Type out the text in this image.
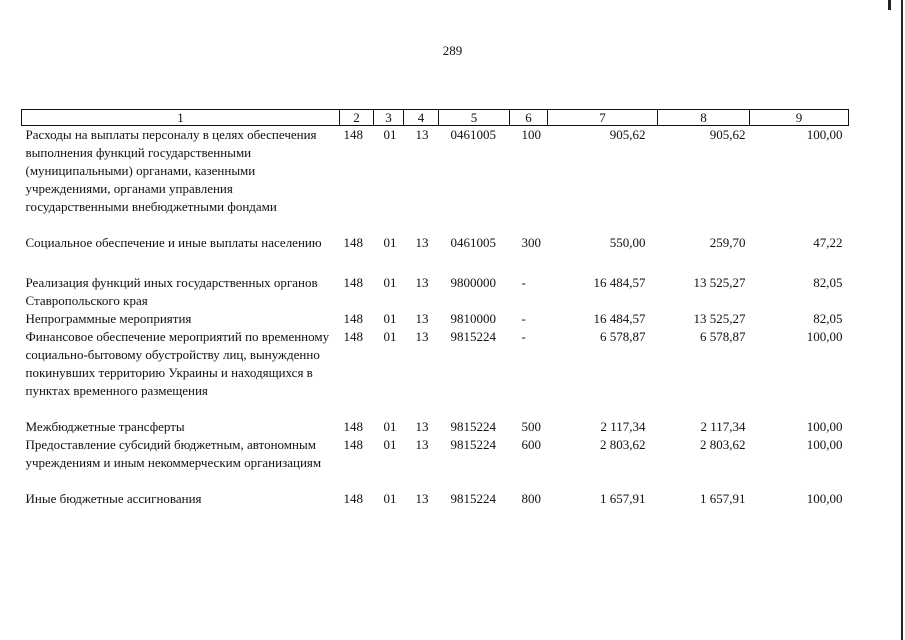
289
1	2	3	4	5	6	7	8	9
Расходы на выплаты персоналу в целях обеспечения выполнения функций государственными (муниципальными) органами, казенными учреждениями, органами управления государственными внебюджетными фондами	148	01	13	0461005	100	905,62	905,62	100,00
Социальное обеспечение и иные выплаты населению	148	01	13	0461005	300	550,00	259,70	47,22
Реализация функций иных государственных органов Ставропольского края	148	01	13	9800000	-	16 484,57	13 525,27	82,05
Непрограммные мероприятия	148	01	13	9810000	-	16 484,57	13 525,27	82,05
Финансовое обеспечение мероприятий по временному социально-бытовому обустройству лиц, вынужденно покинувших территорию Украины и находящихся в пунктах временного размещения	148	01	13	9815224	-	6 578,87	6 578,87	100,00
Межбюджетные трансферты	148	01	13	9815224	500	2 117,34	2 117,34	100,00
Предоставление субсидий бюджетным, автономным учреждениям и иным некоммерческим организациям	148	01	13	9815224	600	2 803,62	2 803,62	100,00
Иные бюджетные ассигнования	148	01	13	9815224	800	1 657,91	1 657,91	100,00
